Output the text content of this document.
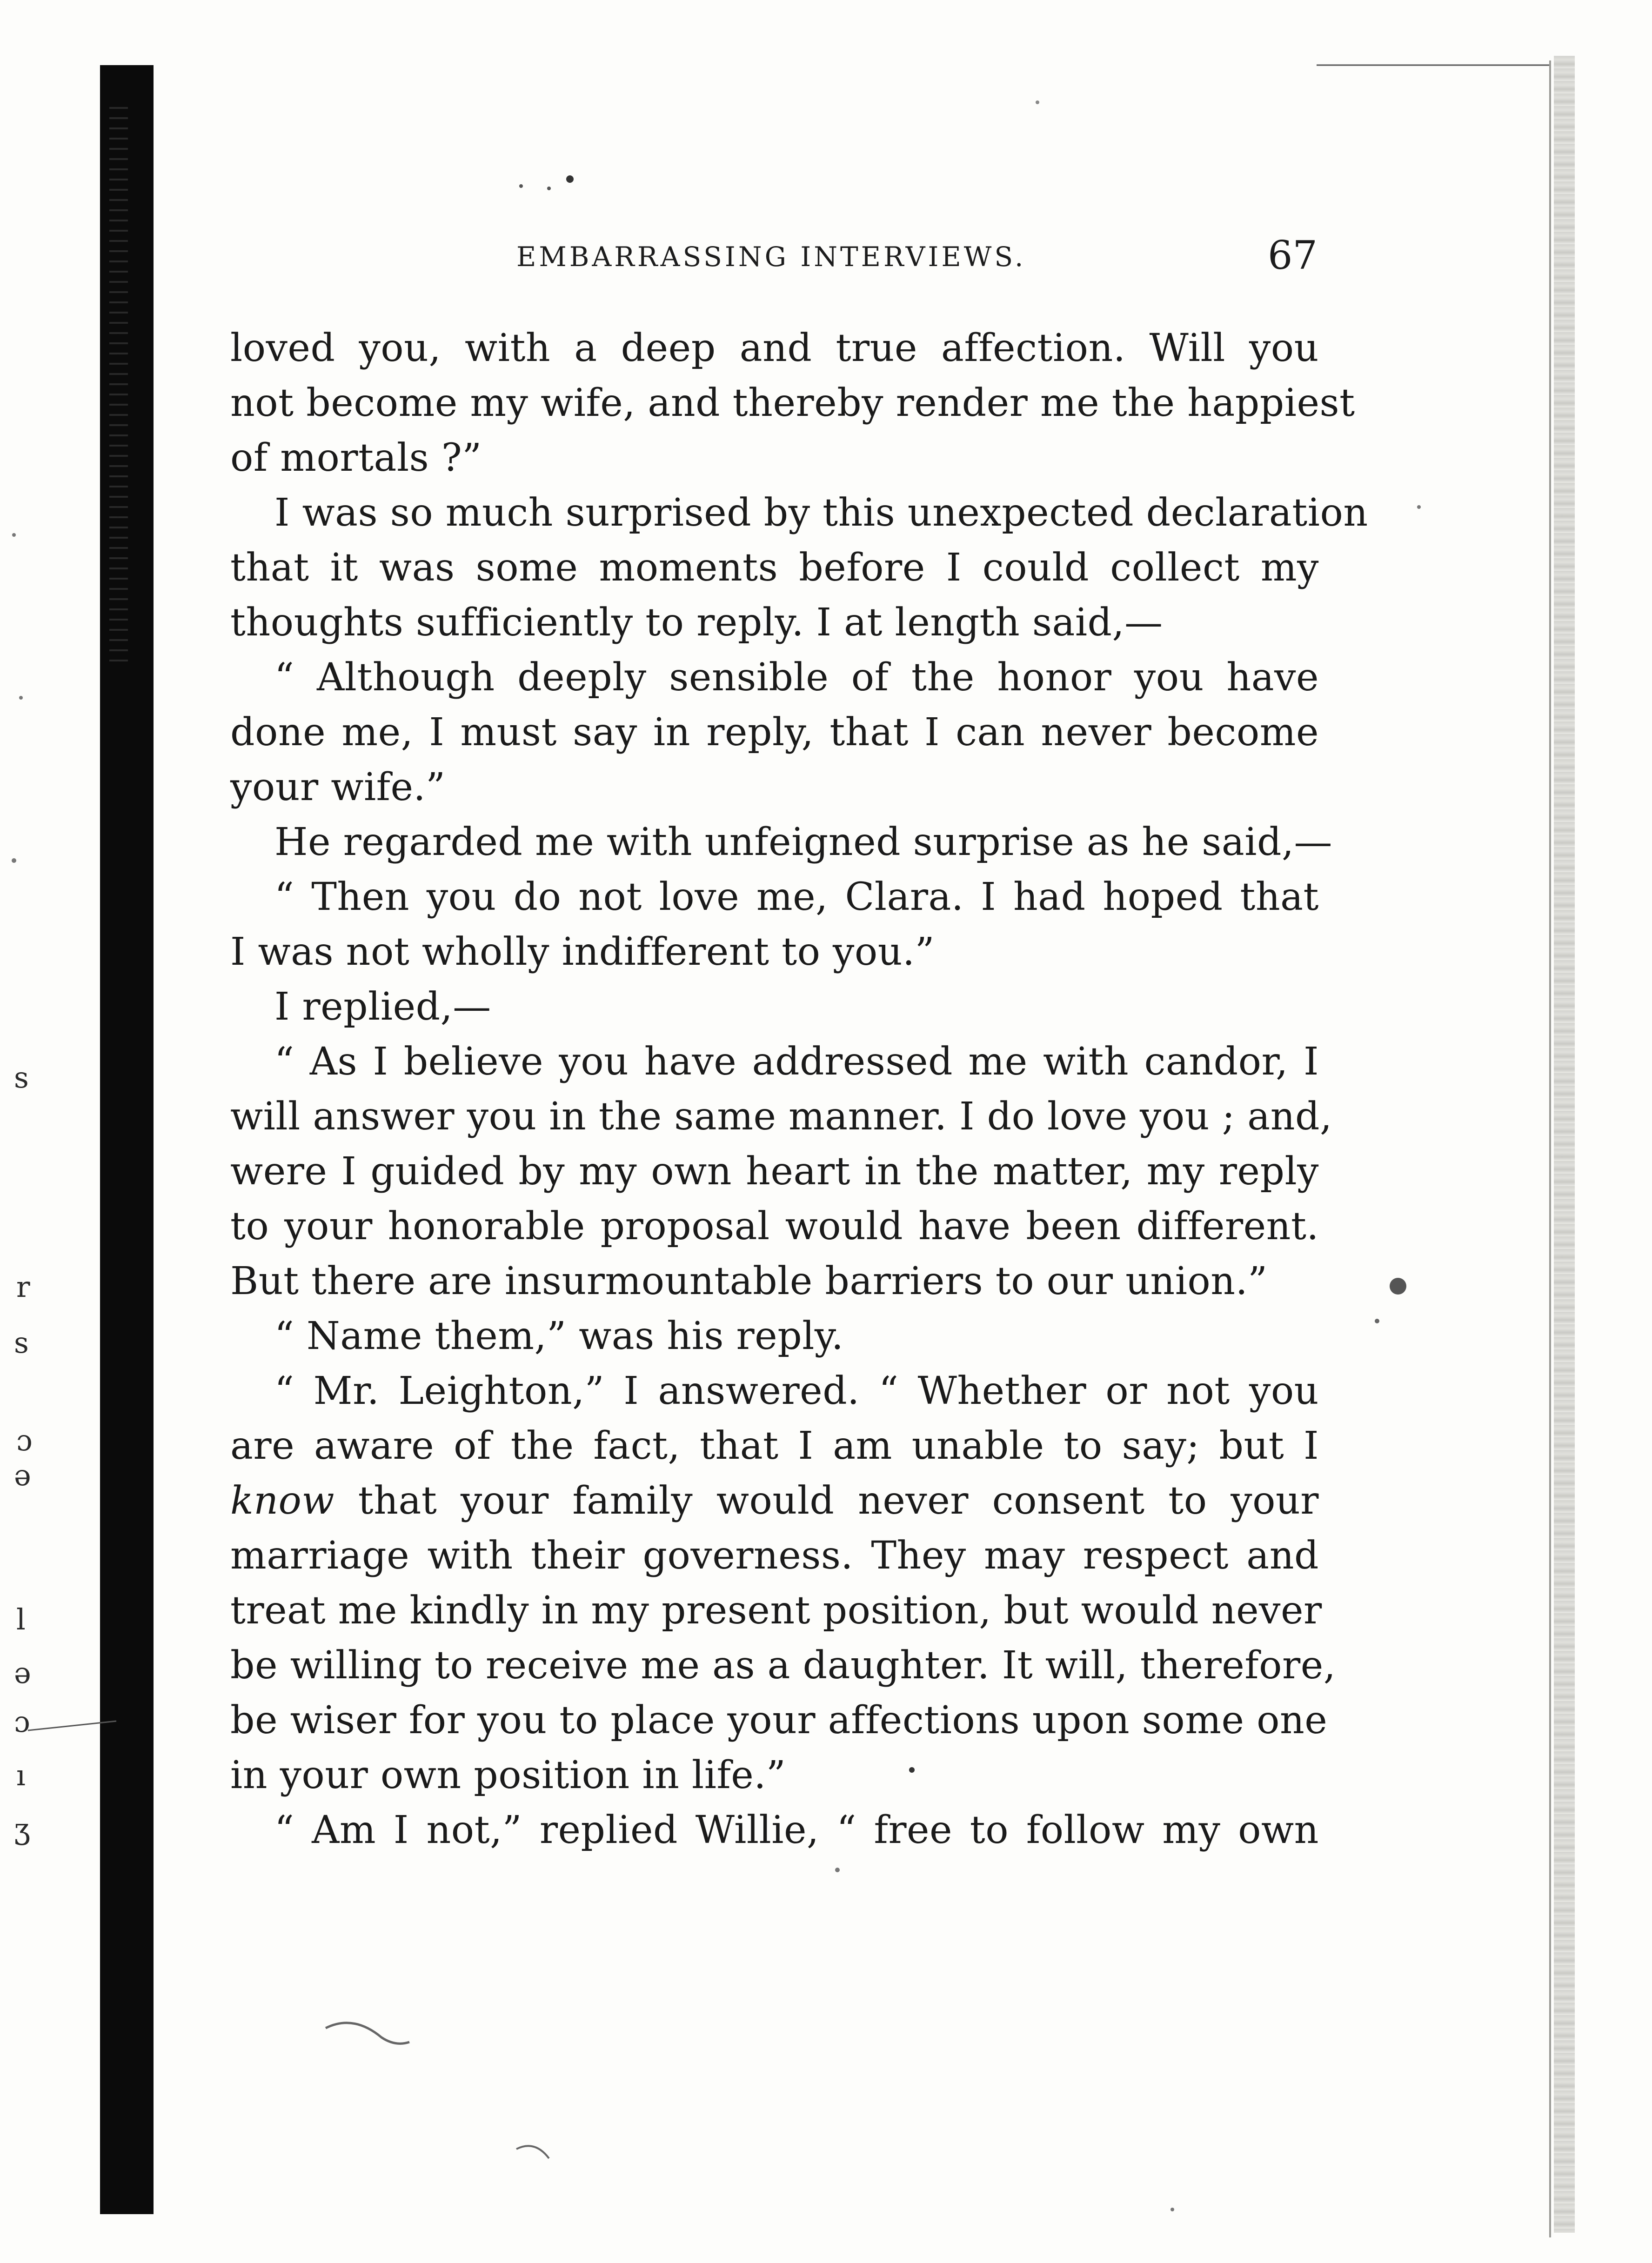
s
r
s
ɔ
ə
l
ə
ɔ
ı
ʒ
EMBARRASSING INTERVIEWS.	67
loved you, with a deep and true affection. Will you
not become my wife, and thereby render me the happiest
of mortals ?”
I was so much surprised by this unexpected declaration
that it was some moments before I could collect my
thoughts sufficiently to reply. I at length said,—
“ Although deeply sensible of the honor you have
done me, I must say in reply, that I can never become
your wife.”
He regarded me with unfeigned surprise as he said,—
“ Then you do not love me, Clara. I had hoped that
I was not wholly indifferent to you.”
I replied,—
“ As I believe you have addressed me with candor, I
will answer you in the same manner. I do love you ; and,
were I guided by my own heart in the matter, my reply
to your honorable proposal would have been different.
But there are insurmountable barriers to our union.”
“ Name them,” was his reply.
“ Mr. Leighton,” I answered. “ Whether or not you
are aware of the fact, that I am unable to say; but I
know that your family would never consent to your
marriage with their governess. They may respect and
treat me kindly in my present position, but would never
be willing to receive me as a daughter. It will, therefore,
be wiser for you to place your affections upon some one
in your own position in life.”
“ Am I not,” replied Willie, “ free to follow my own
